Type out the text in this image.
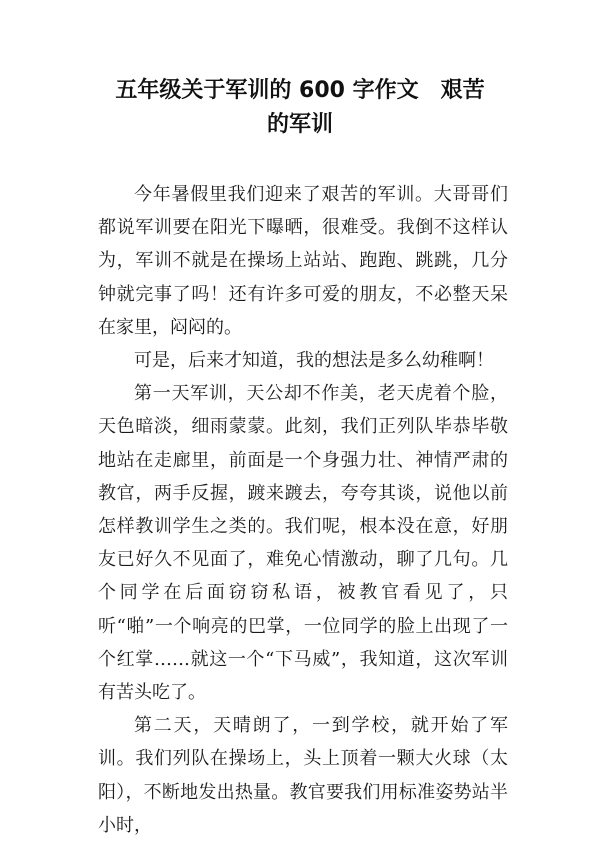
五年级关于军训的 600 字作文　艰苦
的军训

今年暑假里我们迎来了艰苦的军训。大哥哥们都说军训要在阳光下曝晒，很难受。我倒不这样认为，军训不就是在操场上站站、跑跑、跳跳，几分钟就完事了吗！还有许多可爱的朋友，不必整天呆在家里，闷闷的。

可是，后来才知道，我的想法是多么幼稚啊！

第一天军训，天公却不作美，老天虎着个脸，天色暗淡，细雨蒙蒙。此刻，我们正列队毕恭毕敬地站在走廊里，前面是一个身强力壮、神情严肃的教官，两手反握，踱来踱去，夸夸其谈，说他以前怎样教训学生之类的。我们呢，根本没在意，好朋友已好久不见面了，难免心情激动，聊了几句。几个同学在后面窃窃私语，被教官看见了，只听“啪”一个响亮的巴掌，一位同学的脸上出现了一个红掌……就这一个“下马威”，我知道，这次军训有苦头吃了。

第二天，天晴朗了，一到学校，就开始了军训。我们列队在操场上，头上顶着一颗大火球（太阳），不断地发出热量。教官要我们用标准姿势站半小时，
